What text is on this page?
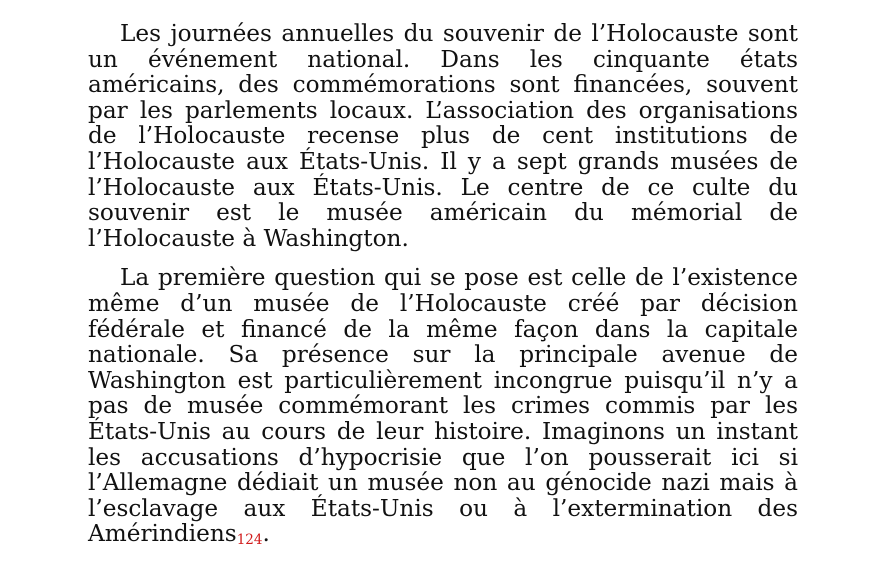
Les journées annuelles du souvenir de l’Holocauste sont un événement national. Dans les cinquante états américains, des commémorations sont financées, souvent par les parlements locaux. L’association des organisations de l’Holocauste recense plus de cent institutions de l’Holocauste aux États-Unis. Il y a sept grands musées de l’Holocauste aux États-Unis. Le centre de ce culte du souvenir est le musée américain du mémorial de l’Holocauste à Washington.

La première question qui se pose est celle de l’existence même d’un musée de l’Holocauste créé par décision fédérale et financé de la même façon dans la capitale nationale. Sa présence sur la principale avenue de Washington est particulièrement incongrue puisqu’il n’y a pas de musée commémorant les crimes commis par les États-Unis au cours de leur histoire. Imaginons un instant les accusations d’hypocrisie que l’on pousserait ici si l’Allemagne dédiait un musée non au génocide nazi mais à l’esclavage aux États-Unis ou à l’extermination des Amérindiens124.
